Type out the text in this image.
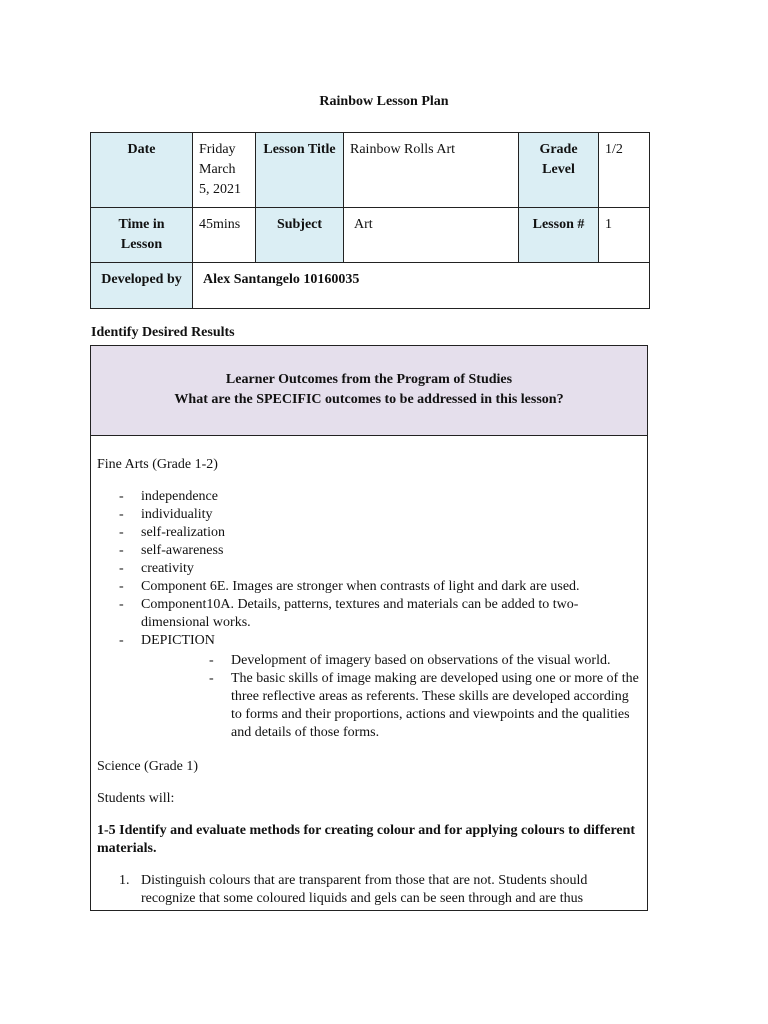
Rainbow Lesson Plan
Date	Friday March 5, 2021	Lesson Title	Rainbow Rolls Art	Grade Level	1/2
Time in Lesson	45mins	Subject	Art	Lesson #	1
Developed by	Alex Santangelo 10160035				
Identify Desired Results
Learner Outcomes from the Program of Studies
What are the SPECIFIC outcomes to be addressed in this lesson?

Fine Arts (Grade 1-2)

- independence
- individuality
- self-realization
- self-awareness
- creativity
- Component 6E. Images are stronger when contrasts of light and dark are used.
- Component10A. Details, patterns, textures and materials can be added to two-dimensional works.
- DEPICTION
- Development of imagery based on observations of the visual world.
- The basic skills of image making are developed using one or more of the three reflective areas as referents. These skills are developed according to forms and their proportions, actions and viewpoints and the qualities and details of those forms.

Science (Grade 1)

Students will:

1-5 Identify and evaluate methods for creating colour and for applying colours to different materials.

1. Distinguish colours that are transparent from those that are not. Students should recognize that some coloured liquids and gels can be seen through and are thus
